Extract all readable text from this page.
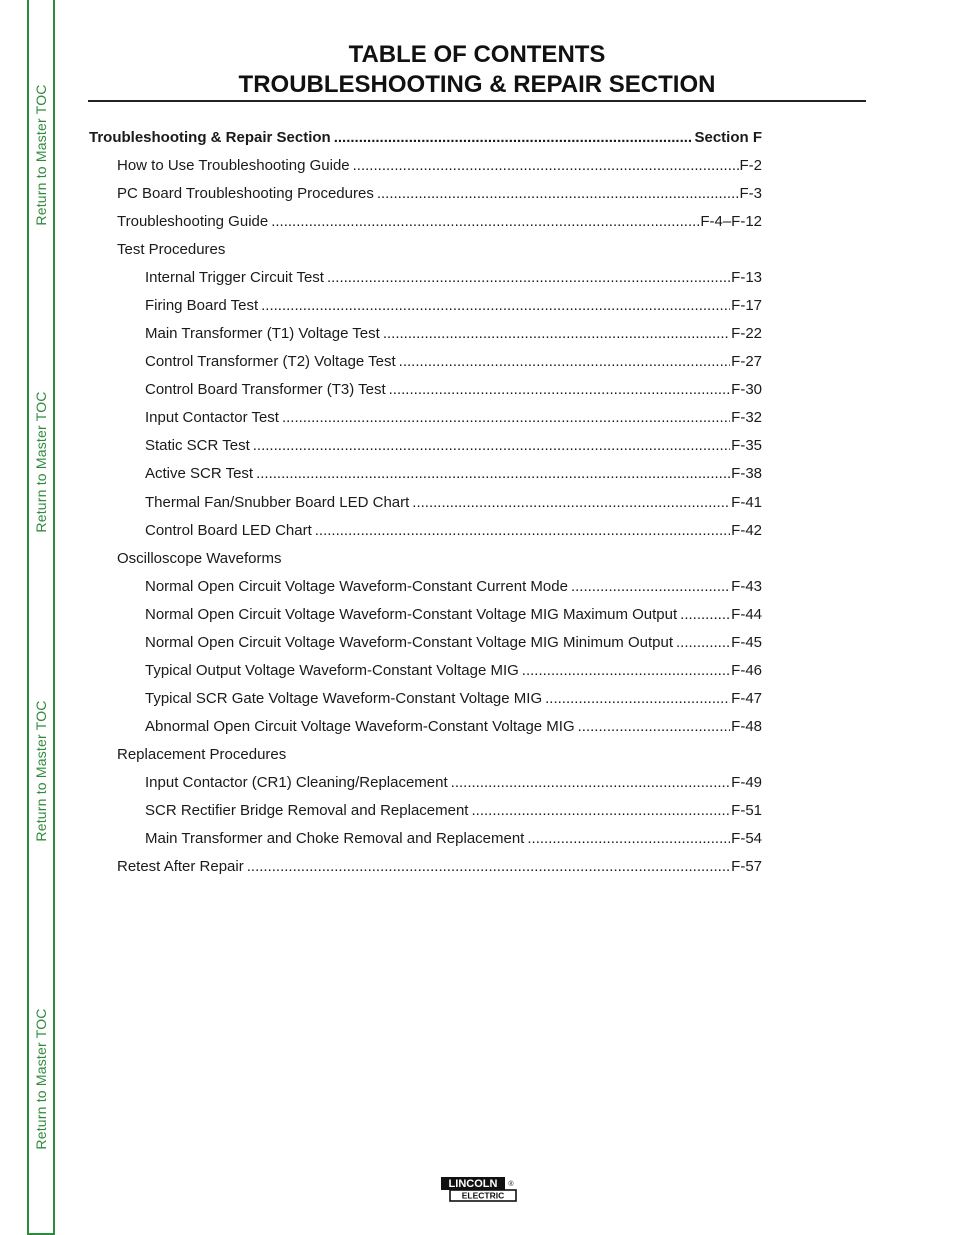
Return to Master TOC
Return to Master TOC
Return to Master TOC
Return to Master TOC
TABLE OF CONTENTS
TROUBLESHOOTING & REPAIR SECTION
Troubleshooting & Repair Section .....	Section F
How to Use Troubleshooting Guide .....	F-2
PC Board Troubleshooting Procedures .....	F-3
Troubleshooting Guide .....	F-4–F-12
Test Procedures
Internal Trigger Circuit Test .....	F-13
Firing Board Test .....	F-17
Main Transformer (T1) Voltage Test .....	F-22
Control Transformer (T2) Voltage Test .....	F-27
Control Board Transformer (T3) Test .....	F-30
Input Contactor Test .....	F-32
Static SCR Test .....	F-35
Active SCR Test .....	F-38
Thermal Fan/Snubber Board LED Chart .....	F-41
Control Board LED Chart .....	F-42
Oscilloscope Waveforms
Normal Open Circuit Voltage Waveform-Constant Current Mode .....	F-43
Normal Open Circuit Voltage Waveform-Constant Voltage MIG Maximum Output .....	F-44
Normal Open Circuit Voltage Waveform-Constant Voltage MIG Minimum Output .....	F-45
Typical Output Voltage Waveform-Constant Voltage MIG .....	F-46
Typical SCR Gate Voltage Waveform-Constant Voltage MIG .....	F-47
Abnormal Open Circuit Voltage Waveform-Constant Voltage MIG .....	F-48
Replacement Procedures
Input Contactor (CR1) Cleaning/Replacement .....	F-49
SCR Rectifier Bridge Removal and Replacement .....	F-51
Main Transformer and Choke Removal and Replacement .....	F-54
Retest After Repair .....	F-57
LINCOLN ®
ELECTRIC
